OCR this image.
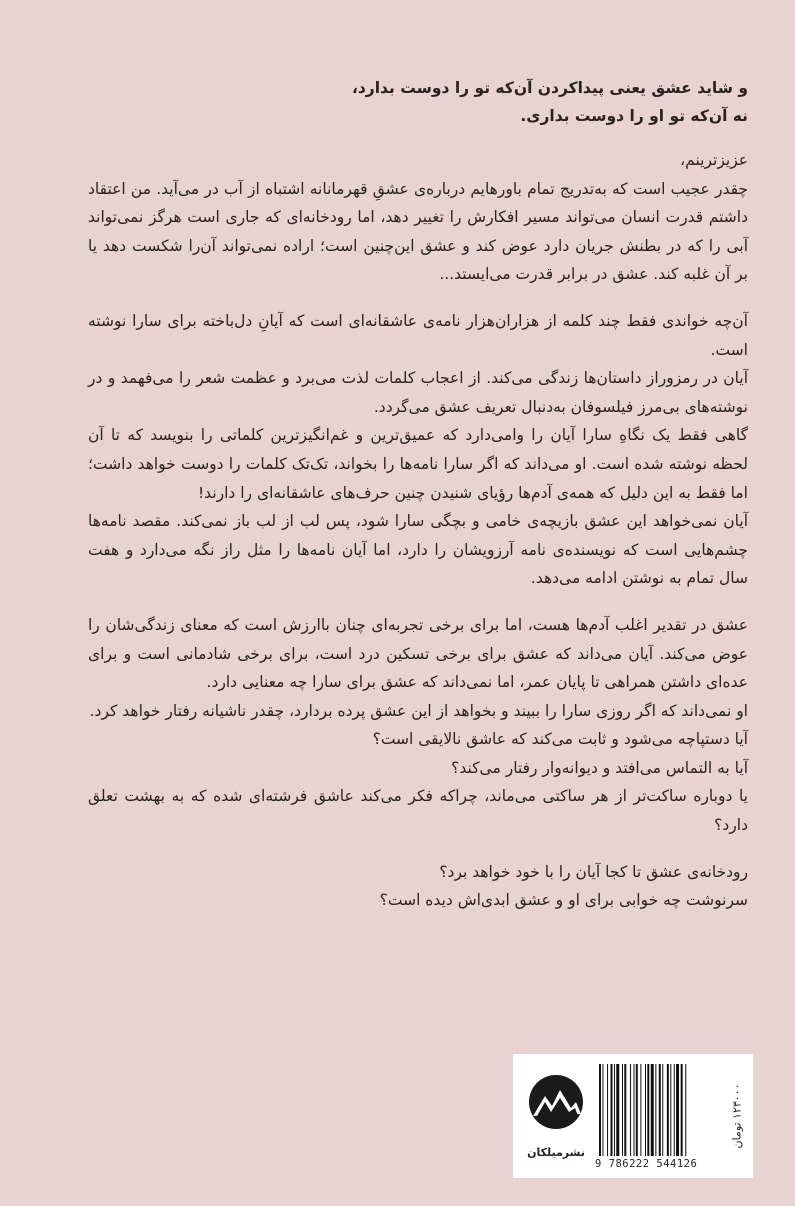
و شاید عشق یعنی پیداکردن آن‌که تو را دوست بدارد،

نه آن‌که تو او را دوست بداری.

عزیزترینم،

چقدر عجیب است که به‌تدریج تمام باورهایم درباره‌ی عشقِ قهرمانانه اشتباه از آب در می‌آید. من اعتقاد داشتم قدرت انسان می‌تواند مسیر افکارش را تغییر دهد، اما رودخانه‌ای که جاری است هرگز نمی‌تواند آبی را که در بطنش جریان دارد عوض کند و عشق این‌چنین است؛ اراده نمی‌تواند آن‌را شکست دهد یا بر آن غلبه کند. عشق در برابر قدرت می‌ایستد...

آن‌چه خواندی فقط چند کلمه از هزاران‌هزار نامه‌ی عاشقانه‌ای است که آیانِ دل‌باخته برای سارا نوشته است.

آیان در رمزوراز داستان‌ها زندگی می‌کند. از اعجاب کلمات لذت می‌برد و عظمت شعر را می‌فهمد و در نوشته‌های بی‌مرز فیلسوفان به‌دنبال تعریف عشق می‌گردد.

گاهی فقط یک نگاهِ سارا آیان را وامی‌دارد که عمیق‌ترین و غم‌انگیزترین کلماتی را بنویسد که تا آن لحظه نوشته شده است. او می‌داند که اگر سارا نامه‌ها را بخواند، تک‌تک کلمات را دوست خواهد داشت؛ اما فقط به این دلیل که همه‌ی آدم‌ها رؤیای شنیدن چنین حرف‌های عاشقانه‌ای را دارند!

آیان نمی‌خواهد این عشق بازیچه‌ی خامی و بچگی سارا شود، پس لب از لب باز نمی‌کند. مقصد نامه‌ها چشم‌هایی است که نویسنده‌ی نامه آرزویشان را دارد، اما آیان نامه‌ها را مثل راز نگه می‌دارد و هفت سال تمام به نوشتن ادامه می‌دهد.

عشق در تقدیر اغلب آدم‌ها هست، اما برای برخی تجربه‌ای چنان باارزش است که معنای زندگی‌شان را عوض می‌کند. آیان می‌داند که عشق برای برخی تسکین درد است، برای برخی شادمانی است و برای عده‌ای داشتن همراهی تا پایان عمر، اما نمی‌داند که عشق برای سارا چه معنایی دارد.

او نمی‌داند که اگر روزی سارا را ببیند و بخواهد از این عشق پرده بردارد، چقدر ناشیانه رفتار خواهد کرد.

آیا دستپاچه می‌شود و ثابت می‌کند که عاشق نالایقی است؟

آیا به التماس می‌افتد و دیوانه‌وار رفتار می‌کند؟

یا دوباره ساکت‌تر از هر ساکتی می‌ماند، چراکه فکر می‌کند عاشق فرشته‌ای شده که به بهشت تعلق دارد؟

رودخانه‌ی عشق تا کجا آیان را با خود خواهد برد؟

سرنوشت چه خوابی برای او و عشق ابدی‌اش دیده است؟

نشرمیلکان
9 786222 544126
۱۲۳۰۰۰ تومان
